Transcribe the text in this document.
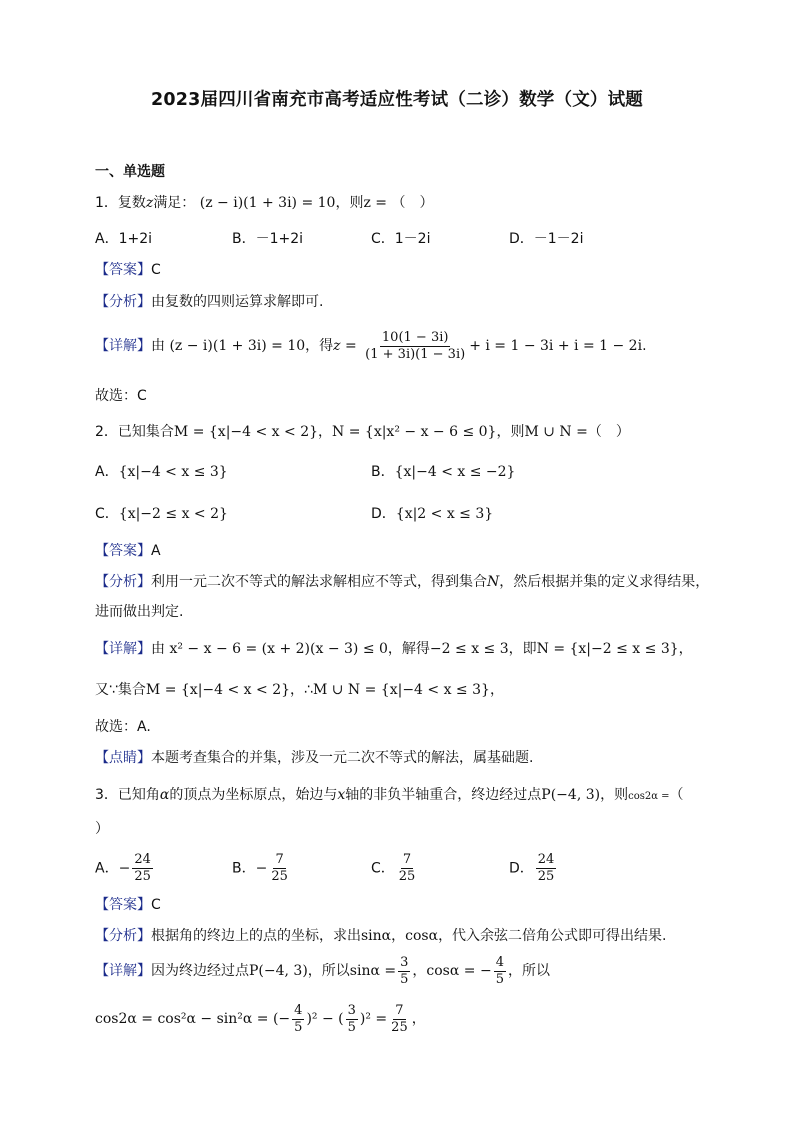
2023届四川省南充市高考适应性考试（二诊）数学（文）试题
一、单选题
1．复数z满足： (z − i)(1 + 3i) = 10，则z = （　）
A．1+2i	B．－1+2i	C．1－2i	D．－1－2i
【答案】C
【分析】由复数的四则运算求解即可.
【详解】由 (z − i)(1 + 3i) = 10，得$z = \frac{10(1 - 3i)}{(1 + 3i)(1 - 3i)} + i = 1 - 3i + i = 1 - 2i$.
故选：C
2．已知集合M = {x|−4 < x < 2}，N = {x|x² − x − 6 ≤ 0}，则M ∪ N =（　）
A．{x|−4 < x ≤ 3}	B．{x|−4 < x ≤ −2}
C．{x|−2 ≤ x < 2}	D．{x|2 < x ≤ 3}
【答案】A
【分析】利用一元二次不等式的解法求解相应不等式，得到集合N，然后根据并集的定义求得结果，
进而做出判定.
【详解】由 x² − x − 6 = (x + 2)(x − 3) ≤ 0，解得−2 ≤ x ≤ 3，即N = {x|−2 ≤ x ≤ 3}，
又∵集合M = {x|−4 < x < 2}，∴M ∪ N = {x|−4 < x ≤ 3}，
故选：A.
【点睛】本题考查集合的并集，涉及一元二次不等式的解法，属基础题.
3．已知角α的顶点为坐标原点，始边与x轴的非负半轴重合，终边经过点P(−4, 3)，则cos2α =（
）
A．− $\frac{24}{25}$	B．− $\frac{7}{25}$	C． $\frac{7}{25}$	D． $\frac{24}{25}$
【答案】C
【分析】根据角的终边上的点的坐标，求出sinα，cosα，代入余弦二倍角公式即可得出结果.
【详解】因为终边经过点P(−4, 3)，所以$\sin\alpha = \frac{3}{5}$ ，cosα = − $\frac{4}{5}$ ，所以
cos2α = cos²α − sin²α = (− $\frac{4}{5} )^2$ − ( $\frac{3}{5} )^2 = \frac{7}{25}$ ，
